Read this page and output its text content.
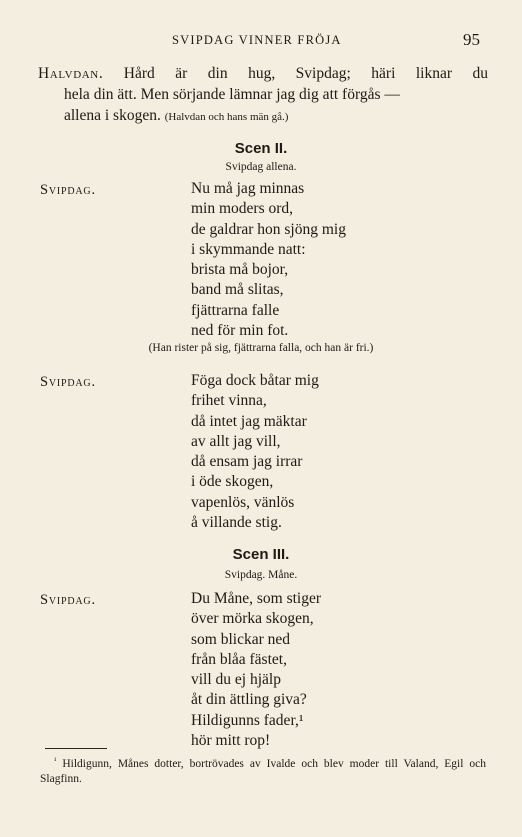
SVIPDAG VINNER FRÖJA	95

Halvdan. Hård är din hug, Svipdag; häri liknar du

hela din ätt. Men sörjande lämnar jag dig att förgås —

allena i skogen. (Halvdan och hans män gå.)

Scen II.
Svipdag allena.
Svipdag.	Nu må jag minnas
min moders ord,
de galdrar hon sjöng mig
i skymmande natt:
brista må bojor,
band må slitas,
fjättrarna falle
ned för min fot.
(Han rister på sig, fjättrarna falla, och han är fri.)
Svipdag.	Föga dock båtar mig
frihet vinna,
då intet jag mäktar
av allt jag vill,
då ensam jag irrar
i öde skogen,
vapenlös, vänlös
å villande stig.
Scen III.
Svipdag. Måne.
Svipdag.	Du Måne, som stiger
över mörka skogen,
som blickar ned
från blåa fästet,
vill du ej hjälp
åt din ättling giva?
Hildigunns fader,¹
hör mitt rop!

$^{^1}$ Hildigunn, Månes dotter, bortrövades av Ivalde och blev moder till Valand, Egil och Slagfinn.
